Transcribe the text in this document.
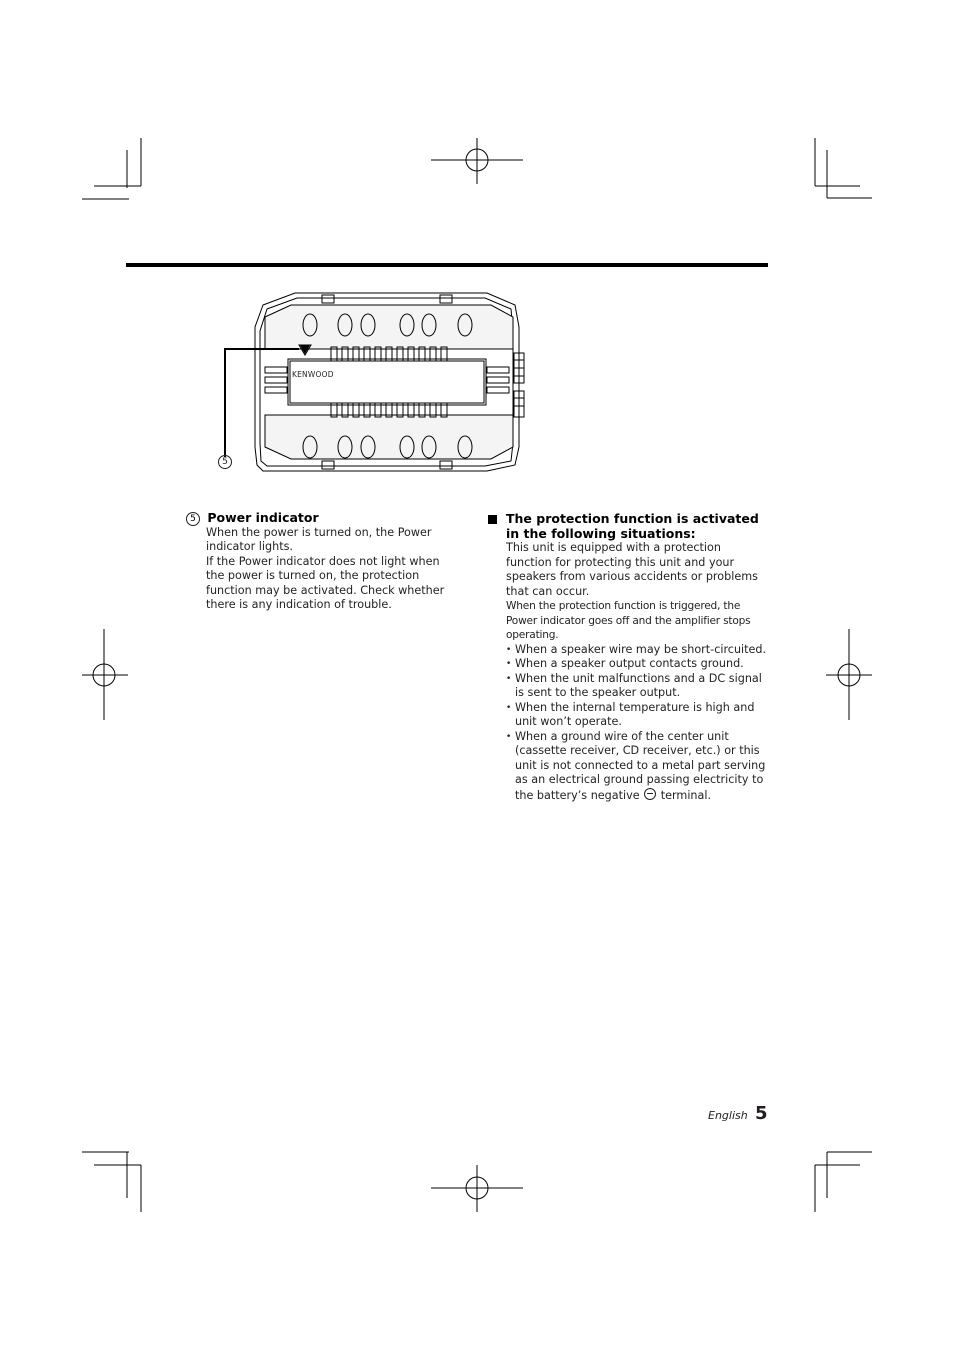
5
KENWOOD
5 Power indicator
When the power is turned on, the Power indicator lights.
If the Power indicator does not light when the power is turned on, the protection function may be activated. Check whether there is any indication of trouble.
The protection function is activated in the following situations:
This unit is equipped with a protection function for protecting this unit and your speakers from various accidents or problems that can occur.
When the protection function is triggered, the Power indicator goes off and the amplifier stops operating.
• When a speaker wire may be short-circuited.
• When a speaker output contacts ground.
• When the unit malfunctions and a DC signal is sent to the speaker output.
• When the internal temperature is high and unit won’t operate.
• When a ground wire of the center unit (cassette receiver, CD receiver, etc.) or this unit is not connected to a metal part serving as an electrical ground passing electricity to the battery’s negative terminal.
English 5
